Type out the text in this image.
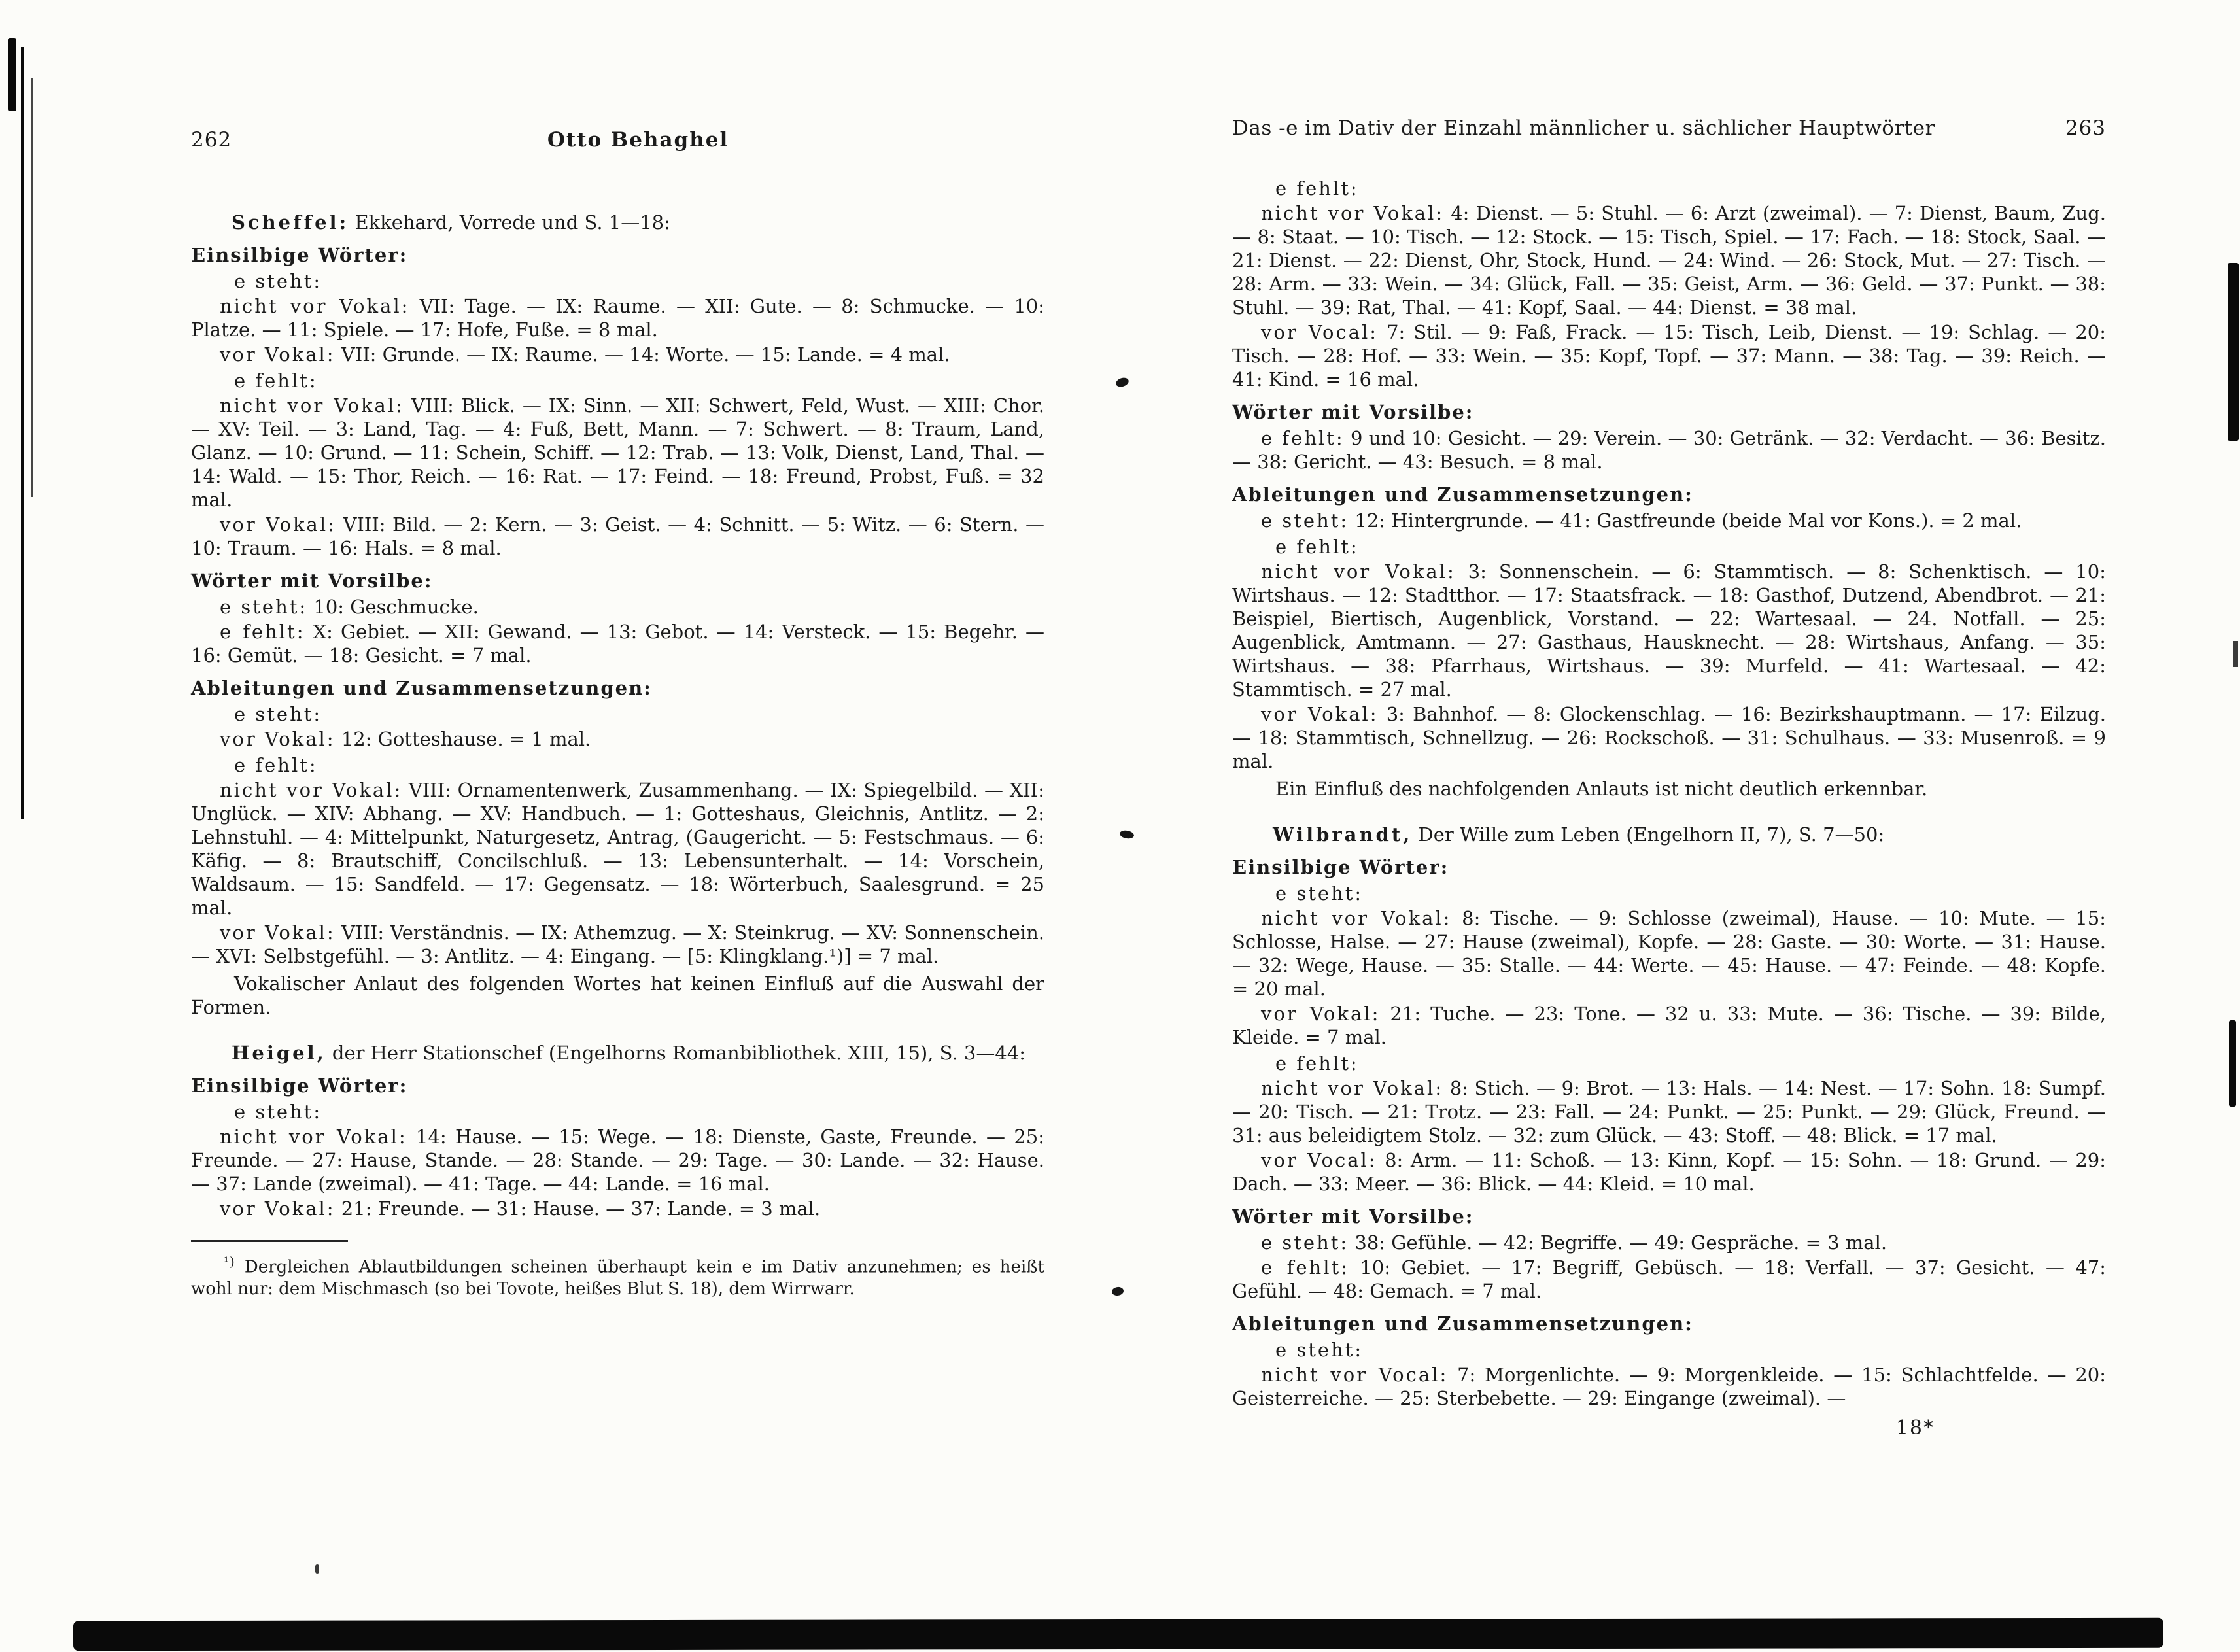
262	Otto Behaghel	Das -e im Dativ der Einzahl männlicher u. sächlicher Hauptwörter	263
Scheffel: Ekkehard, Vorrede und S. 1—18:
Einsilbige Wörter:
e steht:
nicht vor Vokal: VII: Tage. — IX: Raume. — XII: Gute. — 8: Schmucke. — 10: Platze. — 11: Spiele. — 17: Hofe, Fuße. = 8 mal.
vor Vokal: VII: Grunde. — IX: Raume. — 14: Worte. — 15: Lande. = 4 mal.
e fehlt:
nicht vor Vokal: VIII: Blick. — IX: Sinn. — XII: Schwert, Feld, Wust. — XIII: Chor. — XV: Teil. — 3: Land, Tag. — 4: Fuß, Bett, Mann. — 7: Schwert. — 8: Traum, Land, Glanz. — 10: Grund. — 11: Schein, Schiff. — 12: Trab. — 13: Volk, Dienst, Land, Thal. — 14: Wald. — 15: Thor, Reich. — 16: Rat. — 17: Feind. — 18: Freund, Probst, Fuß. = 32 mal.
vor Vokal: VIII: Bild. — 2: Kern. — 3: Geist. — 4: Schnitt. — 5: Witz. — 6: Stern. — 10: Traum. — 16: Hals. = 8 mal.
Wörter mit Vorsilbe:
e steht: 10: Geschmucke.
e fehlt: X: Gebiet. — XII: Gewand. — 13: Gebot. — 14: Versteck. — 15: Begehr. — 16: Gemüt. — 18: Gesicht. = 7 mal.
Ableitungen und Zusammensetzungen:
e steht:
vor Vokal: 12: Gotteshause. = 1 mal.
e fehlt:
nicht vor Vokal: VIII: Ornamentenwerk, Zusammenhang. — IX: Spiegelbild. — XII: Unglück. — XIV: Abhang. — XV: Handbuch. — 1: Gotteshaus, Gleichnis, Antlitz. — 2: Lehnstuhl. — 4: Mittelpunkt, Naturgesetz, Antrag, (Gaugericht. — 5: Festschmaus. — 6: Käfig. — 8: Brautschiff, Concilschluß. — 13: Lebensunterhalt. — 14: Vorschein, Waldsaum. — 15: Sandfeld. — 17: Gegensatz. — 18: Wörterbuch, Saalesgrund. = 25 mal.
vor Vokal: VIII: Verständnis. — IX: Athemzug. — X: Steinkrug. — XV: Sonnenschein. — XVI: Selbstgefühl. — 3: Antlitz. — 4: Eingang. — [5: Klingklang.¹)] = 7 mal.
Vokalischer Anlaut des folgenden Wortes hat keinen Einfluß auf die Auswahl der Formen.
Heigel, der Herr Stationschef (Engelhorns Romanbibliothek. XIII, 15), S. 3—44:
Einsilbige Wörter:
e steht:
nicht vor Vokal: 14: Hause. — 15: Wege. — 18: Dienste, Gaste, Freunde. — 25: Freunde. — 27: Hause, Stande. — 28: Stande. — 29: Tage. — 30: Lande. — 32: Hause. — 37: Lande (zweimal). — 41: Tage. — 44: Lande. = 16 mal.
vor Vokal: 21: Freunde. — 31: Hause. — 37: Lande. = 3 mal.
$^{^1)}$ Dergleichen Ablautbildungen scheinen überhaupt kein e im Dativ anzunehmen; es heißt wohl nur: dem Mischmasch (so bei Tovote, heißes Blut S. 18), dem Wirrwarr.
e fehlt:
nicht vor Vokal: 4: Dienst. — 5: Stuhl. — 6: Arzt (zweimal). — 7: Dienst, Baum, Zug. — 8: Staat. — 10: Tisch. — 12: Stock. — 15: Tisch, Spiel. — 17: Fach. — 18: Stock, Saal. — 21: Dienst. — 22: Dienst, Ohr, Stock, Hund. — 24: Wind. — 26: Stock, Mut. — 27: Tisch. — 28: Arm. — 33: Wein. — 34: Glück, Fall. — 35: Geist, Arm. — 36: Geld. — 37: Punkt. — 38: Stuhl. — 39: Rat, Thal. — 41: Kopf, Saal. — 44: Dienst. = 38 mal.
vor Vocal: 7: Stil. — 9: Faß, Frack. — 15: Tisch, Leib, Dienst. — 19: Schlag. — 20: Tisch. — 28: Hof. — 33: Wein. — 35: Kopf, Topf. — 37: Mann. — 38: Tag. — 39: Reich. — 41: Kind. = 16 mal.
Wörter mit Vorsilbe:
e fehlt: 9 und 10: Gesicht. — 29: Verein. — 30: Getränk. — 32: Verdacht. — 36: Besitz. — 38: Gericht. — 43: Besuch. = 8 mal.
Ableitungen und Zusammensetzungen:
e steht: 12: Hintergrunde. — 41: Gastfreunde (beide Mal vor Kons.). = 2 mal.
e fehlt:
nicht vor Vokal: 3: Sonnenschein. — 6: Stammtisch. — 8: Schenktisch. — 10: Wirtshaus. — 12: Stadtthor. — 17: Staatsfrack. — 18: Gasthof, Dutzend, Abendbrot. — 21: Beispiel, Biertisch, Augenblick, Vorstand. — 22: Wartesaal. — 24. Notfall. — 25: Augenblick, Amtmann. — 27: Gasthaus, Hausknecht. — 28: Wirtshaus, Anfang. — 35: Wirtshaus. — 38: Pfarrhaus, Wirtshaus. — 39: Murfeld. — 41: Wartesaal. — 42: Stammtisch. = 27 mal.
vor Vokal: 3: Bahnhof. — 8: Glockenschlag. — 16: Bezirkshauptmann. — 17: Eilzug. — 18: Stammtisch, Schnellzug. — 26: Rockschoß. — 31: Schulhaus. — 33: Musenroß. = 9 mal.
Ein Einfluß des nachfolgenden Anlauts ist nicht deutlich erkennbar.
Wilbrandt, Der Wille zum Leben (Engelhorn II, 7), S. 7—50:
Einsilbige Wörter:
e steht:
nicht vor Vokal: 8: Tische. — 9: Schlosse (zweimal), Hause. — 10: Mute. — 15: Schlosse, Halse. — 27: Hause (zweimal), Kopfe. — 28: Gaste. — 30: Worte. — 31: Hause. — 32: Wege, Hause. — 35: Stalle. — 44: Werte. — 45: Hause. — 47: Feinde. — 48: Kopfe. = 20 mal.
vor Vokal: 21: Tuche. — 23: Tone. — 32 u. 33: Mute. — 36: Tische. — 39: Bilde, Kleide. = 7 mal.
e fehlt:
nicht vor Vokal: 8: Stich. — 9: Brot. — 13: Hals. — 14: Nest. — 17: Sohn. 18: Sumpf. — 20: Tisch. — 21: Trotz. — 23: Fall. — 24: Punkt. — 25: Punkt. — 29: Glück, Freund. — 31: aus beleidigtem Stolz. — 32: zum Glück. — 43: Stoff. — 48: Blick. = 17 mal.
vor Vocal: 8: Arm. — 11: Schoß. — 13: Kinn, Kopf. — 15: Sohn. — 18: Grund. — 29: Dach. — 33: Meer. — 36: Blick. — 44: Kleid. = 10 mal.
Wörter mit Vorsilbe:
e steht: 38: Gefühle. — 42: Begriffe. — 49: Gespräche. = 3 mal.
e fehlt: 10: Gebiet. — 17: Begriff, Gebüsch. — 18: Verfall. — 37: Gesicht. — 47: Gefühl. — 48: Gemach. = 7 mal.
Ableitungen und Zusammensetzungen:
e steht:
nicht vor Vocal: 7: Morgenlichte. — 9: Morgenkleide. — 15: Schlachtfelde. — 20: Geisterreiche. — 25: Sterbebette. — 29: Eingange (zweimal). —
18*
